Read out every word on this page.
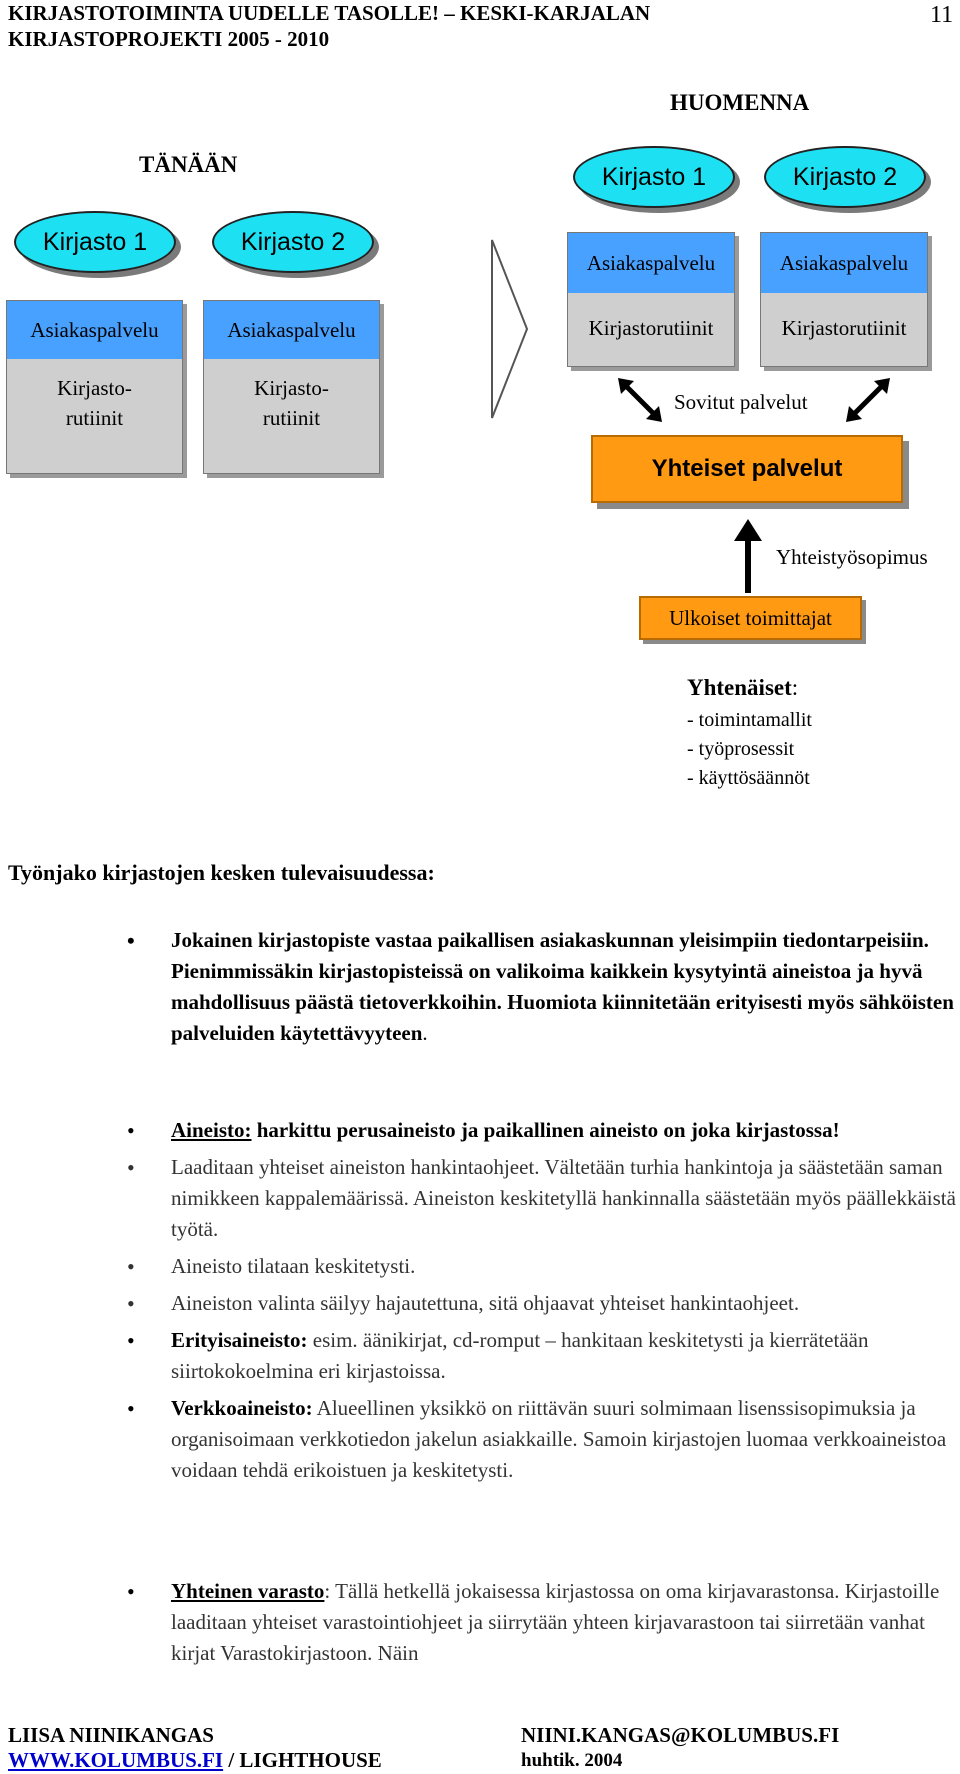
KIRJASTOTOIMINTA UUDELLE TASOLLE! – KESKI-KARJALAN
KIRJASTOPROJEKTI 2005 - 2010
11
TÄNÄÄN
HUOMENNA
Kirjasto 1	Kirjasto 2
Asiakaspalvelu
Kirjasto-
rutiinit
Asiakaspalvelu
Kirjasto-
rutiinit
Kirjasto 1	Kirjasto 2
Asiakaspalvelu
Kirjastorutiinit
Asiakaspalvelu
Kirjastorutiinit
Sovitut palvelut
Yhteiset palvelut
Yhteistyösopimus
Ulkoiset toimittajat
Yhtenäiset:
- toimintamallit
- työprosessit
- käyttösäännöt
Työnjako kirjastojen kesken tulevaisuudessa:
• Jokainen kirjastopiste vastaa paikallisen asiakaskunnan yleisimpiin tiedontarpeisiin. Pienimmissäkin kirjastopisteissä on valikoima kaikkein kysytyintä aineistoa ja hyvä mahdollisuus päästä tietoverkkoihin. Huomiota kiinnitetään erityisesti myös sähköisten palveluiden käytettävyyteen.
• Aineisto: harkittu perusaineisto ja paikallinen aineisto on joka kirjastossa!
• Laaditaan yhteiset aineiston hankintaohjeet. Vältetään turhia hankintoja ja säästetään saman nimikkeen kappalemäärissä. Aineiston keskitetyllä hankinnalla säästetään myös päällekkäistä työtä.
• Aineisto tilataan keskitetysti.
• Aineiston valinta säilyy hajautettuna, sitä ohjaavat yhteiset hankintaohjeet.
• Erityisaineisto: esim. äänikirjat, cd-romput – hankitaan keskitetysti ja kierrätetään siirtokokoelmina eri kirjastoissa.
• Verkkoaineisto: Alueellinen yksikkö on riittävän suuri solmimaan lisenssisopimuksia ja organisoimaan verkkotiedon jakelun asiakkaille. Samoin kirjastojen luomaa verkkoaineistoa voidaan tehdä erikoistuen ja keskitetysti.
• Yhteinen varasto: Tällä hetkellä jokaisessa kirjastossa on oma kirjavarastonsa. Kirjastoille laaditaan yhteiset varastointiohjeet ja siirrytään yhteen kirjavarastoon tai siirretään vanhat kirjat Varastokirjastoon. Näin
LIISA NIINIKANGAS	NIINI.KANGAS@KOLUMBUS.FI
WWW.KOLUMBUS.FI / LIGHTHOUSE	huhtik. 2004
